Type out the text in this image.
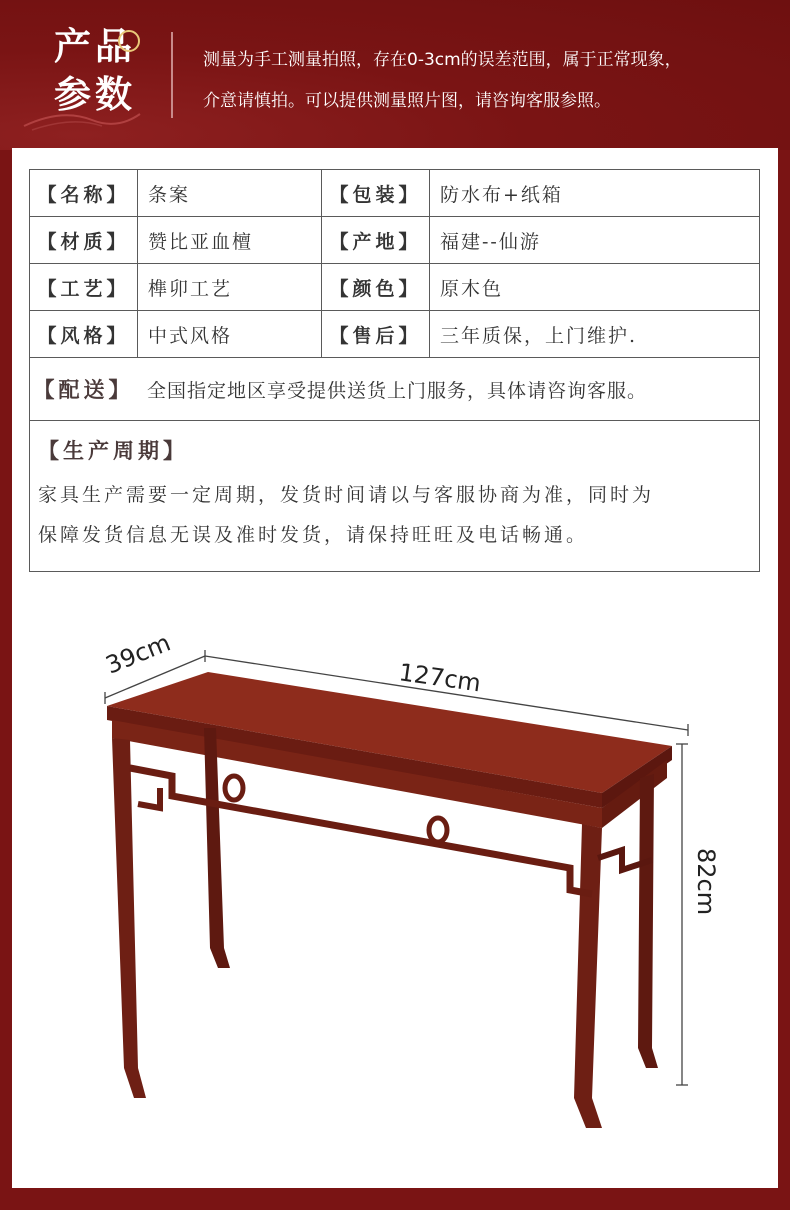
产品
参数
测量为手工测量拍照，存在0-3cm的误差范围，属于正常现象，
介意请慎拍。可以提供测量照片图，请咨询客服参照。
【名称】	条案	【包装】	防水布+纸箱
【材质】	赞比亚血檀	【产地】	福建--仙游
【工艺】	榫卯工艺	【颜色】	原木色
【风格】	中式风格	【售后】	三年质保，上门维护.
【配送】 全国指定地区享受提供送货上门服务，具体请咨询客服。			

【生产周期】
家具生产需要一定周期，发货时间请以与客服协商为准，同时为
保障发货信息无误及准时发货，请保持旺旺及电话畅通。			
39cm	127cm
82cm
